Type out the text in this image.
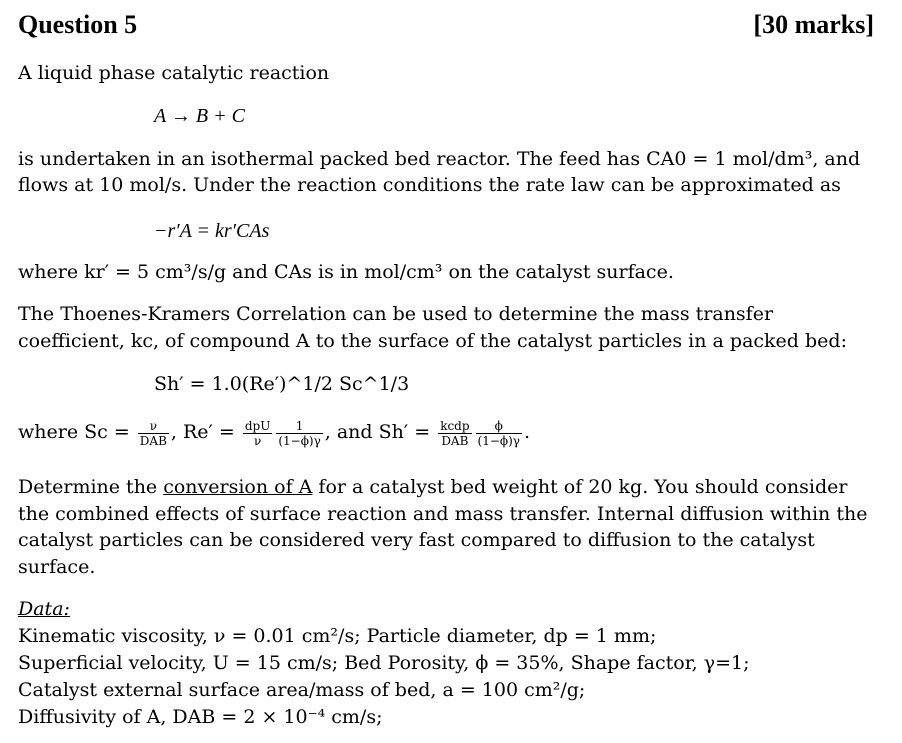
Question 5	[30 marks]
A liquid phase catalytic reaction
A → B + C
is undertaken in an isothermal packed bed reactor. The feed has CA0 = 1 mol/dm³, and
flows at 10 mol/s. Under the reaction conditions the rate law can be approximated as
−r′A = kr′CAs
where kr′ = 5 cm³/s/g and CAs is in mol/cm³ on the catalyst surface.
The Thoenes-Kramers Correlation can be used to determine the mass transfer
coefficient, kc, of compound A to the surface of the catalyst particles in a packed bed:
Sh′ = 1.0(Re′)^1/2 Sc^1/3
where $Sc = \frac{\nu}{\text{DAB}}$ , $Re' = \frac{\text{dpU}}{\nu} \frac{1}{(1-\phi)\gamma}$ , and $Sh' = \frac{\text{kcdp}}{\text{DAB}} \frac{\phi}{(1-\phi)\gamma}$ .
Determine the conversion of A for a catalyst bed weight of 20 kg. You should consider
the combined effects of surface reaction and mass transfer. Internal diffusion within the
catalyst particles can be considered very fast compared to diffusion to the catalyst
surface.
Data:
Kinematic viscosity, ν = 0.01 cm²/s; Particle diameter, dp = 1 mm;
Superficial velocity, U = 15 cm/s; Bed Porosity, ϕ = 35%, Shape factor, γ=1;
Catalyst external surface area/mass of bed, a = 100 cm²/g;
Diffusivity of A, DAB = 2 × 10⁻⁴ cm/s;
